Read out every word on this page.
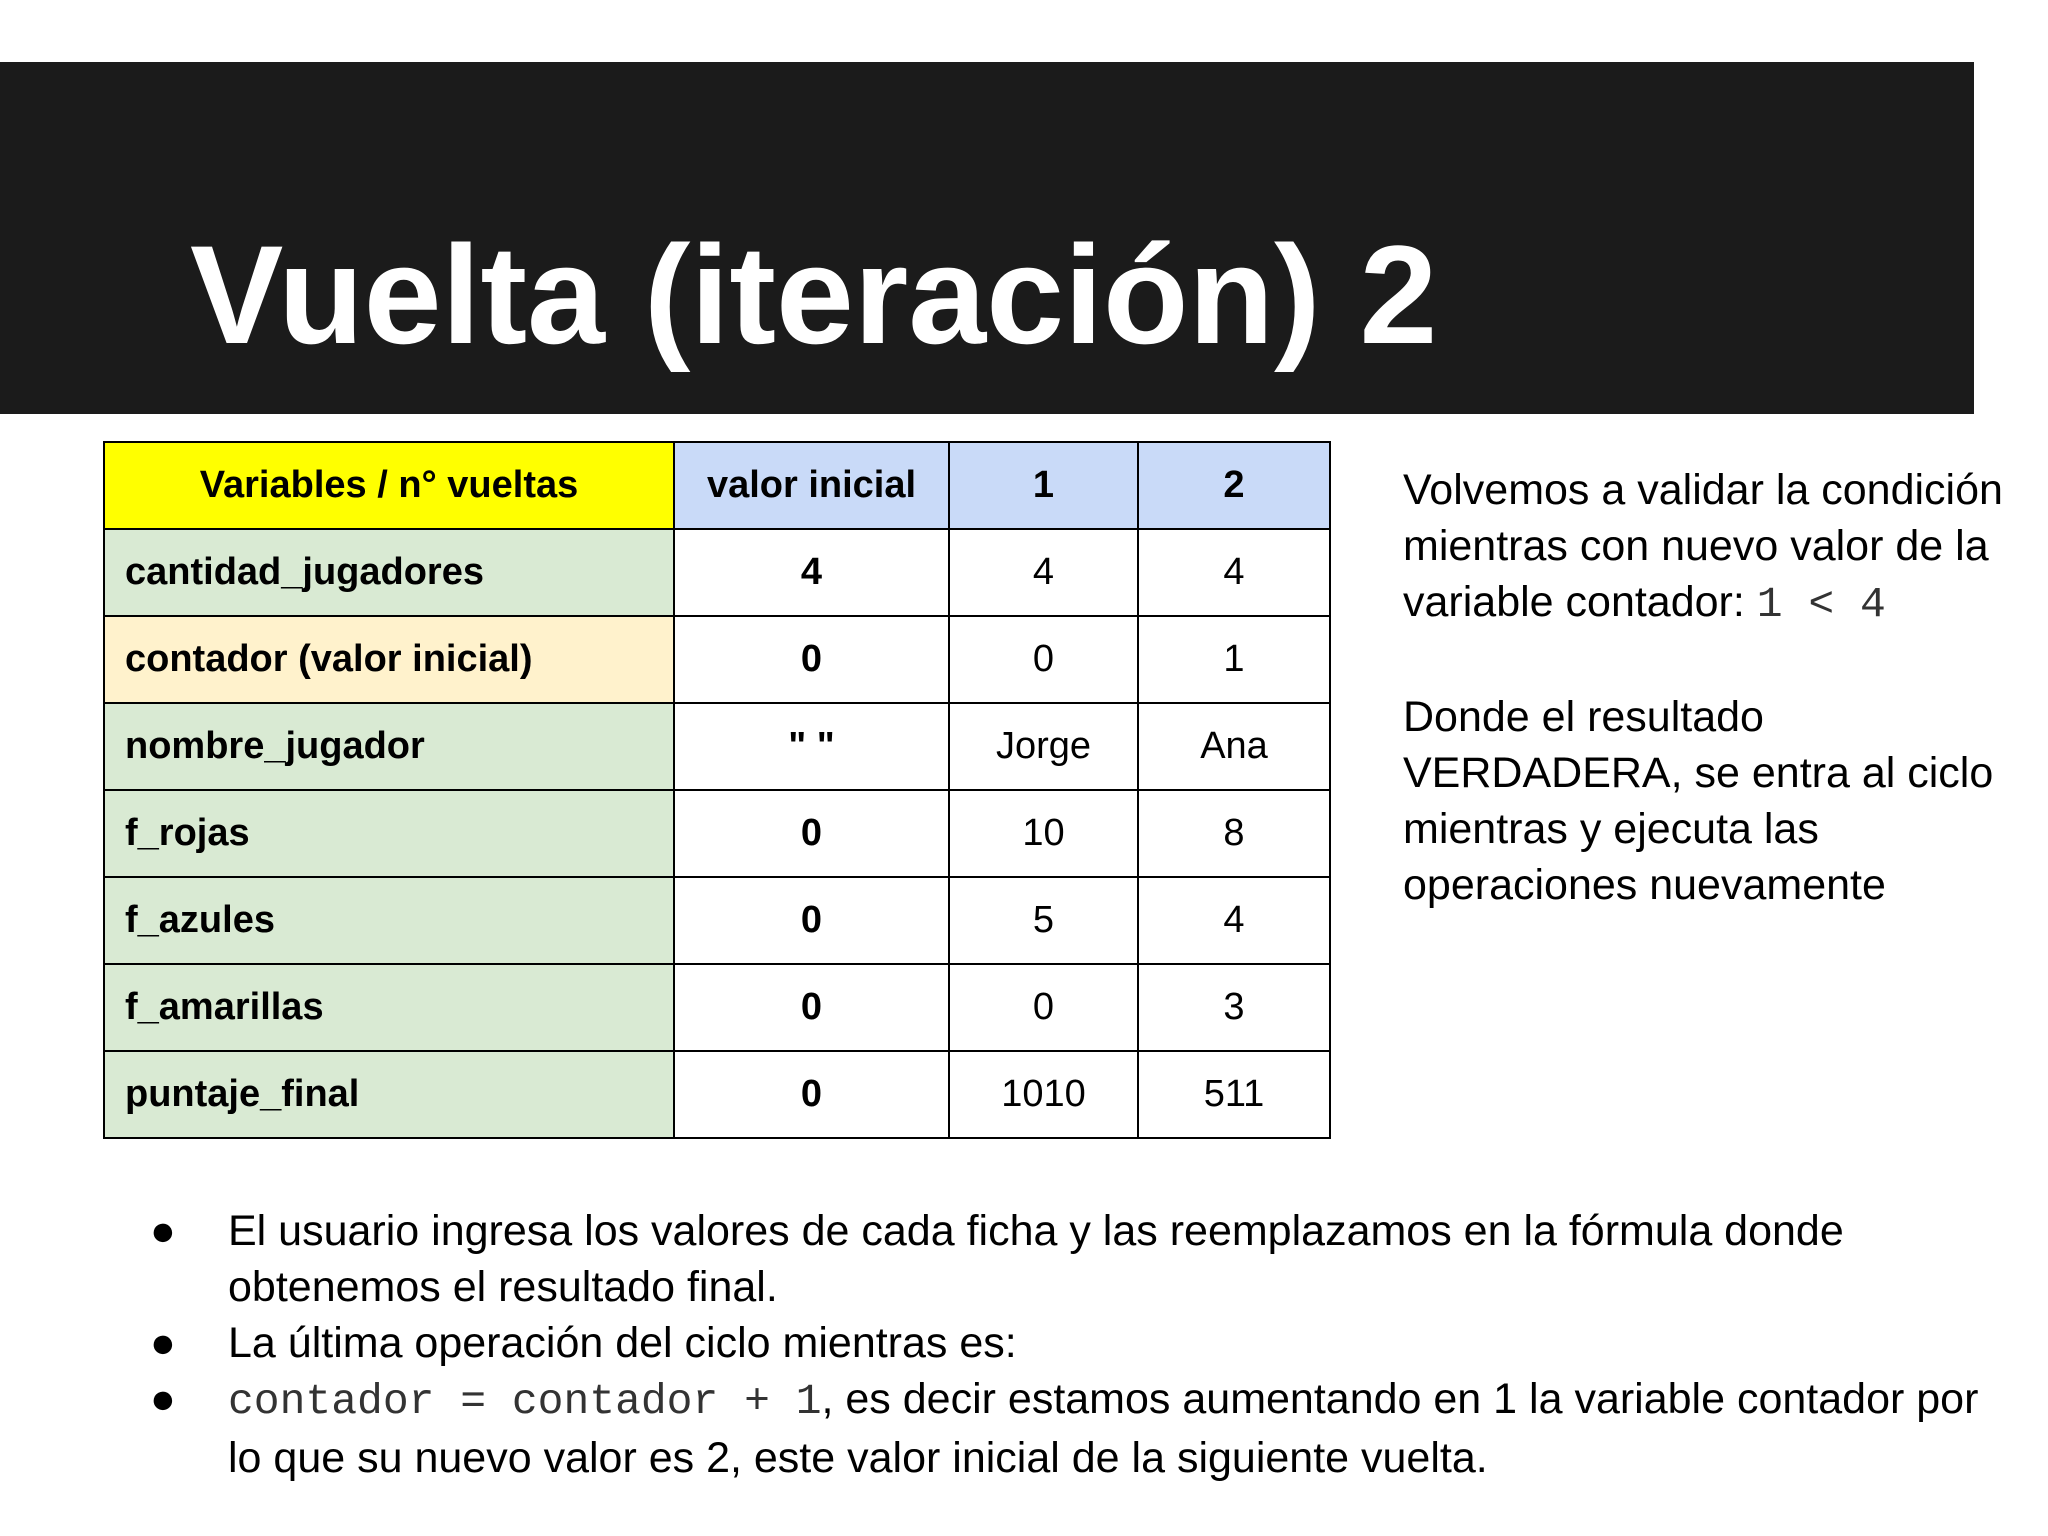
Vuelta (iteración) 2
Variables / n° vueltas	valor inicial	1	2
cantidad_jugadores	4	4	4
contador (valor inicial)	0	0	1
nombre_jugador	" "	Jorge	Ana
f_rojas	0	10	8
f_azules	0	5	4
f_amarillas	0	0	3
puntaje_final	0	1010	511

Volvemos a validar la condición mientras con nuevo valor de la variable contador: 1 < 4

Donde el resultado VERDADERA, se entra al ciclo mientras y ejecuta las operaciones nuevamente

●	El usuario ingresa los valores de cada ficha y las reemplazamos en la fórmula donde obtenemos el resultado final.
●	La última operación del ciclo mientras es:
●	contador = contador + 1, es decir estamos aumentando en 1 la variable contador por lo que su nuevo valor es 2, este valor inicial de la siguiente vuelta.
